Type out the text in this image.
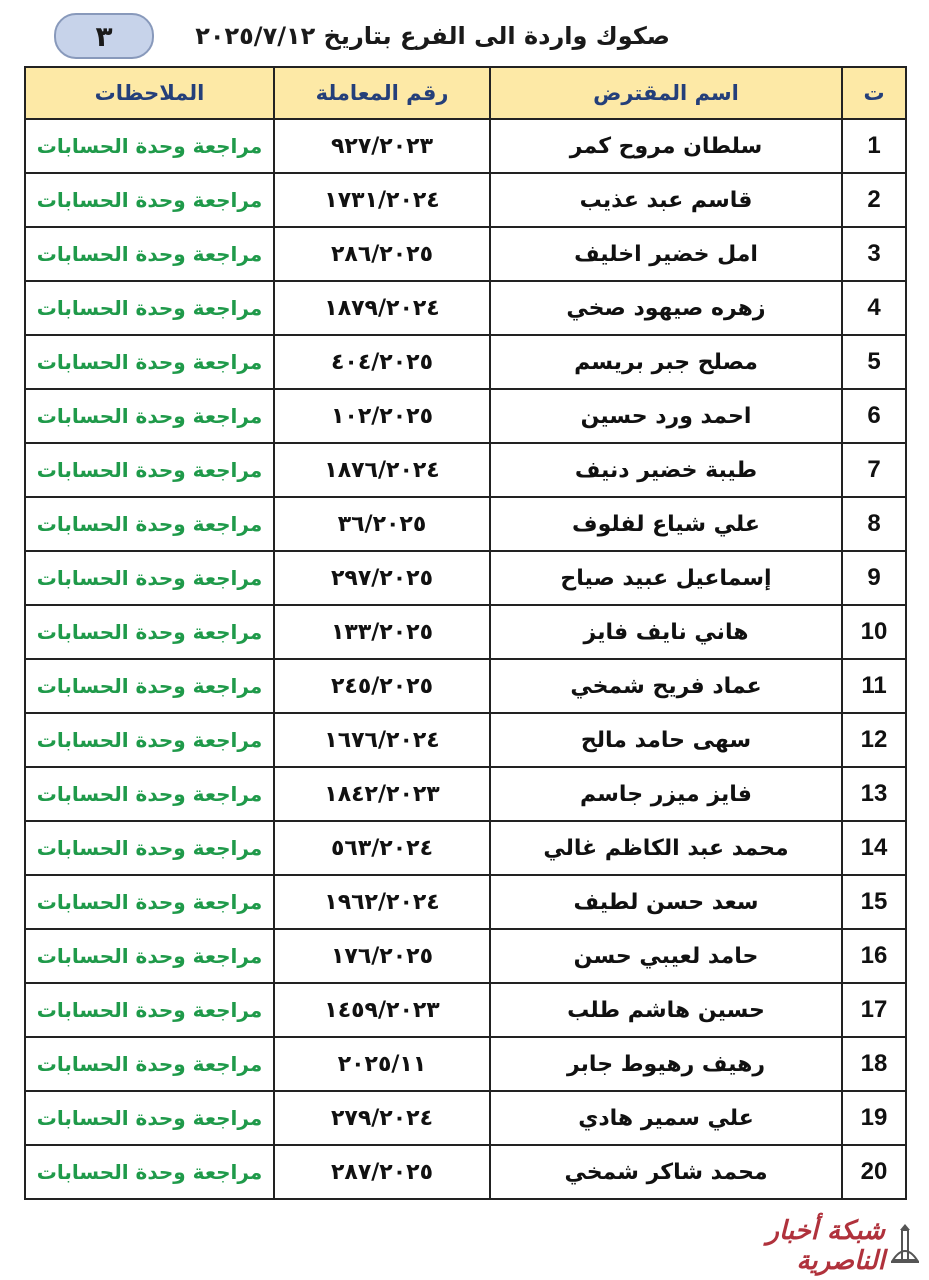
٣	صكوك واردة الى الفرع بتاريخ ٢٠٢٥/٧/١٢
ت	اسم المقترض	رقم المعاملة	الملاحظات
1	سلطان مروح كمر	٩٢٧/٢٠٢٣	مراجعة وحدة الحسابات
2	قاسم عبد عذيب	١٧٣١/٢٠٢٤	مراجعة وحدة الحسابات
3	امل خضير اخليف	٢٨٦/٢٠٢٥	مراجعة وحدة الحسابات
4	زهره صيهود صخي	١٨٧٩/٢٠٢٤	مراجعة وحدة الحسابات
5	مصلح جبر بريسم	٤٠٤/٢٠٢٥	مراجعة وحدة الحسابات
6	احمد ورد حسين	١٠٢/٢٠٢٥	مراجعة وحدة الحسابات
7	طيبة خضير دنيف	١٨٧٦/٢٠٢٤	مراجعة وحدة الحسابات
8	علي شياع لفلوف	٣٦/٢٠٢٥	مراجعة وحدة الحسابات
9	إسماعيل عبيد صياح	٢٩٧/٢٠٢٥	مراجعة وحدة الحسابات
10	هاني نايف فايز	١٣٣/٢٠٢٥	مراجعة وحدة الحسابات
11	عماد فريح شمخي	٢٤٥/٢٠٢٥	مراجعة وحدة الحسابات
12	سهى حامد مالح	١٦٧٦/٢٠٢٤	مراجعة وحدة الحسابات
13	فايز ميزر جاسم	١٨٤٢/٢٠٢٣	مراجعة وحدة الحسابات
14	محمد عبد الكاظم غالي	٥٦٣/٢٠٢٤	مراجعة وحدة الحسابات
15	سعد حسن لطيف	١٩٦٢/٢٠٢٤	مراجعة وحدة الحسابات
16	حامد لعيبي حسن	١٧٦/٢٠٢٥	مراجعة وحدة الحسابات
17	حسين هاشم طلب	١٤٥٩/٢٠٢٣	مراجعة وحدة الحسابات
18	رهيف رهيوط جابر	٢٠٢٥/١١	مراجعة وحدة الحسابات
19	علي سمير هادي	٢٧٩/٢٠٢٤	مراجعة وحدة الحسابات
20	محمد شاكر شمخي	٢٨٧/٢٠٢٥	مراجعة وحدة الحسابات
شبكة أخبار الناصرية
